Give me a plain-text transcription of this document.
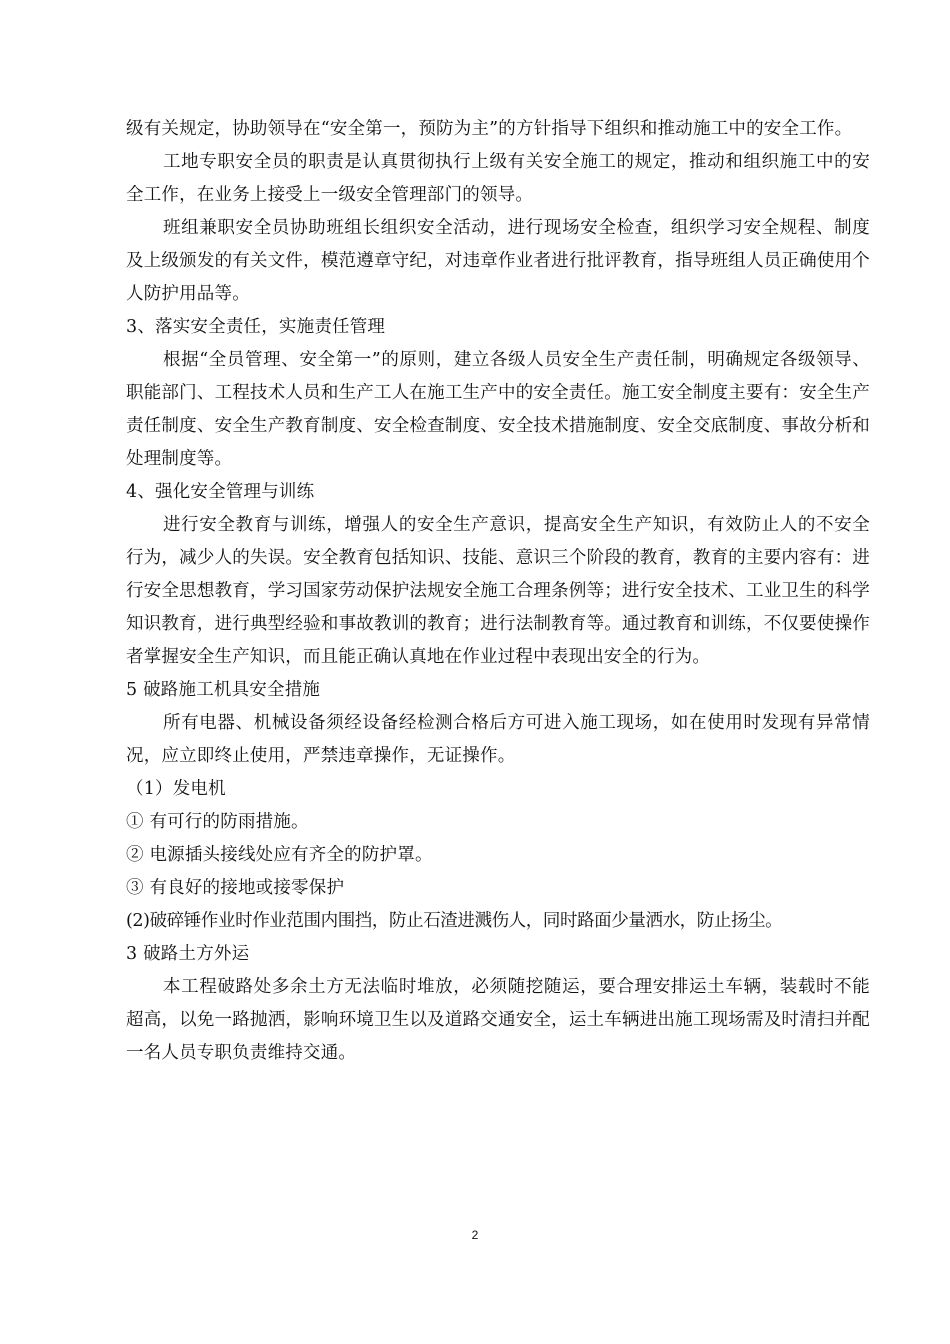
级有关规定，协助领导在“安全第一，预防为主”的方针指导下组织和推动施工中的安全工作。

工地专职安全员的职责是认真贯彻执行上级有关安全施工的规定，推动和组织施工中的安全工作，在业务上接受上一级安全管理部门的领导。

班组兼职安全员协助班组长组织安全活动，进行现场安全检查，组织学习安全规程、制度及上级颁发的有关文件，模范遵章守纪，对违章作业者进行批评教育，指导班组人员正确使用个人防护用品等。

3、落实安全责任，实施责任管理

根据“全员管理、安全第一”的原则，建立各级人员安全生产责任制，明确规定各级领导、职能部门、工程技术人员和生产工人在施工生产中的安全责任。施工安全制度主要有：安全生产责任制度、安全生产教育制度、安全检查制度、安全技术措施制度、安全交底制度、事故分析和处理制度等。

4、强化安全管理与训练

进行安全教育与训练，增强人的安全生产意识，提高安全生产知识，有效防止人的不安全行为，减少人的失误。安全教育包括知识、技能、意识三个阶段的教育，教育的主要内容有：进行安全思想教育，学习国家劳动保护法规安全施工合理条例等；进行安全技术、工业卫生的科学知识教育，进行典型经验和事故教训的教育；进行法制教育等。通过教育和训练，不仅要使操作者掌握安全生产知识，而且能正确认真地在作业过程中表现出安全的行为。

5 破路施工机具安全措施

所有电器、机械设备须经设备经检测合格后方可进入施工现场，如在使用时发现有异常情况，应立即终止使用，严禁违章操作，无证操作。

（1）发电机

① 有可行的防雨措施。

② 电源插头接线处应有齐全的防护罩。

③ 有良好的接地或接零保护

(2)破碎锤作业时作业范围内围挡，防止石渣进溅伤人，同时路面少量洒水，防止扬尘。

3 破路土方外运

本工程破路处多余土方无法临时堆放，必须随挖随运，要合理安排运土车辆，装载时不能超高，以免一路抛洒，影响环境卫生以及道路交通安全，运土车辆进出施工现场需及时清扫并配一名人员专职负责维持交通。

2
